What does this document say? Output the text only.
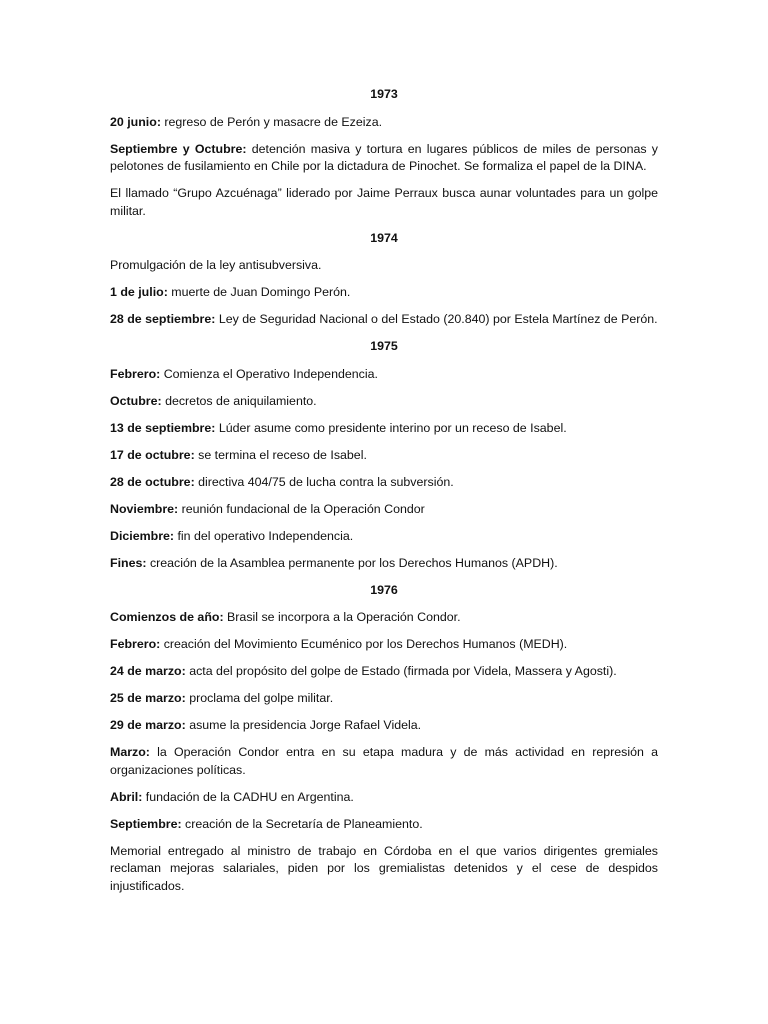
1973

20 junio: regreso de Perón y masacre de Ezeiza.

Septiembre y Octubre: detención masiva y tortura en lugares públicos de miles de personas y pelotones de fusilamiento en Chile por la dictadura de Pinochet. Se formaliza el papel de la DINA.

El llamado “Grupo Azcuénaga” liderado por Jaime Perraux busca aunar voluntades para un golpe militar.

1974

Promulgación de la ley antisubversiva.

1 de julio: muerte de Juan Domingo Perón.

28 de septiembre: Ley de Seguridad Nacional o del Estado (20.840) por Estela Martínez de Perón.

1975

Febrero: Comienza el Operativo Independencia.

Octubre: decretos de aniquilamiento.

13 de septiembre: Lúder asume como presidente interino por un receso de Isabel.

17 de octubre: se termina el receso de Isabel.

28 de octubre: directiva 404/75 de lucha contra la subversión.

Noviembre: reunión fundacional de la Operación Condor

Diciembre: fin del operativo Independencia.

Fines: creación de la Asamblea permanente por los Derechos Humanos (APDH).

1976

Comienzos de año: Brasil se incorpora a la Operación Condor.

Febrero: creación del Movimiento Ecuménico por los Derechos Humanos (MEDH).

24 de marzo: acta del propósito del golpe de Estado (firmada por Videla, Massera y Agosti).

25 de marzo: proclama del golpe militar.

29 de marzo: asume la presidencia Jorge Rafael Videla.

Marzo: la Operación Condor entra en su etapa madura y de más actividad en represión a organizaciones políticas.

Abril: fundación de la CADHU en Argentina.

Septiembre: creación de la Secretaría de Planeamiento.

Memorial entregado al ministro de trabajo en Córdoba en el que varios dirigentes gremiales reclaman mejoras salariales, piden por los gremialistas detenidos y el cese de despidos injustificados.
